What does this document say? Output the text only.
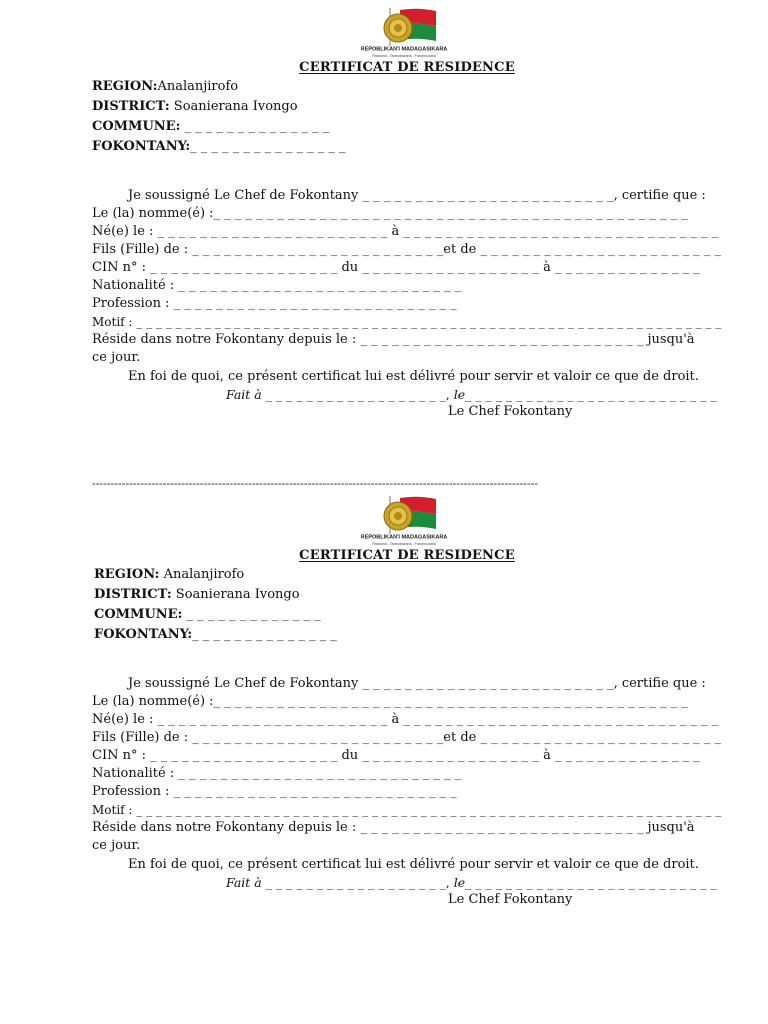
REPOBLIKAN'I MADAGASIKARA
Fitiavana - Tanindrazana - Fandrosoana
CERTIFICAT DE RESIDENCE
REGION:Analanjirofo
DISTRICT: Soanierana Ivongo
COMMUNE: _ _ _ _ _ _ _ _ _ _ _ _ _ _
FOKONTANY:_ _ _ _ _ _ _ _ _ _ _ _ _ _ _
Je soussigné Le Chef de Fokontany _ _ _ _ _ _ _ _ _ _ _ _ _ _ _ _ _ _ _ _ _ _ _ _, certifie que :
Le (la) nomme(é) :_ _ _ _ _ _ _ _ _ _ _ _ _ _ _ _ _ _ _ _ _ _ _ _ _ _ _ _ _ _ _ _ _ _ _ _ _ _ _ _ _ _ _ _ _
Né(e) le : _ _ _ _ _ _ _ _ _ _ _ _ _ _ _ _ _ _ _ _ _ _ à _ _ _ _ _ _ _ _ _ _ _ _ _ _ _ _ _ _ _ _ _ _ _ _ _ _ _ _ _ _
Fils (Fille) de : _ _ _ _ _ _ _ _ _ _ _ _ _ _ _ _ _ _ _ _ _ _ _ _et de _ _ _ _ _ _ _ _ _ _ _ _ _ _ _ _ _ _ _ _ _ _ _
CIN n° : _ _ _ _ _ _ _ _ _ _ _ _ _ _ _ _ _ _ du _ _ _ _ _ _ _ _ _ _ _ _ _ _ _ _ _ à _ _ _ _ _ _ _ _ _ _ _ _ _ _
Nationalité : _ _ _ _ _ _ _ _ _ _ _ _ _ _ _ _ _ _ _ _ _ _ _ _ _ _ _
Profession : _ _ _ _ _ _ _ _ _ _ _ _ _ _ _ _ _ _ _ _ _ _ _ _ _ _ _
Motif : _ _ _ _ _ _ _ _ _ _ _ _ _ _ _ _ _ _ _ _ _ _ _ _ _ _ _ _ _ _ _ _ _ _ _ _ _ _ _ _ _ _ _ _ _ _ _ _ _ _ _ _ _ _ _ _ _ _ _ _
Réside dans notre Fokontany depuis le : _ _ _ _ _ _ _ _ _ _ _ _ _ _ _ _ _ _ _ _ _ _ _ _ _ _ _ jusqu'à
ce jour.
En foi de quoi, ce présent certificat lui est délivré pour servir et valoir ce que de droit.
Fait à _ _ _ _ _ _ _ _ _ _ _ _ _ _ _ _ _ _, le_ _ _ _ _ _ _ _ _ _ _ _ _ _ _ _ _ _ _ _ _ _ _ _ _
Le Chef Fokontany
------------------------------------------------------------------------------------------------------------------------
REPOBLIKAN'I MADAGASIKARA
Fitiavana - Tanindrazana - Fandrosoana
CERTIFICAT DE RESIDENCE
REGION: Analanjirofo
DISTRICT: Soanierana Ivongo
COMMUNE: _ _ _ _ _ _ _ _ _ _ _ _ _
FOKONTANY:_ _ _ _ _ _ _ _ _ _ _ _ _ _
Je soussigné Le Chef de Fokontany _ _ _ _ _ _ _ _ _ _ _ _ _ _ _ _ _ _ _ _ _ _ _ _, certifie que :
Le (la) nomme(é) :_ _ _ _ _ _ _ _ _ _ _ _ _ _ _ _ _ _ _ _ _ _ _ _ _ _ _ _ _ _ _ _ _ _ _ _ _ _ _ _ _ _ _ _ _
Né(e) le : _ _ _ _ _ _ _ _ _ _ _ _ _ _ _ _ _ _ _ _ _ _ à _ _ _ _ _ _ _ _ _ _ _ _ _ _ _ _ _ _ _ _ _ _ _ _ _ _ _ _ _ _
Fils (Fille) de : _ _ _ _ _ _ _ _ _ _ _ _ _ _ _ _ _ _ _ _ _ _ _ _et de _ _ _ _ _ _ _ _ _ _ _ _ _ _ _ _ _ _ _ _ _ _ _
CIN n° : _ _ _ _ _ _ _ _ _ _ _ _ _ _ _ _ _ _ du _ _ _ _ _ _ _ _ _ _ _ _ _ _ _ _ _ à _ _ _ _ _ _ _ _ _ _ _ _ _ _
Nationalité : _ _ _ _ _ _ _ _ _ _ _ _ _ _ _ _ _ _ _ _ _ _ _ _ _ _ _
Profession : _ _ _ _ _ _ _ _ _ _ _ _ _ _ _ _ _ _ _ _ _ _ _ _ _ _ _
Motif : _ _ _ _ _ _ _ _ _ _ _ _ _ _ _ _ _ _ _ _ _ _ _ _ _ _ _ _ _ _ _ _ _ _ _ _ _ _ _ _ _ _ _ _ _ _ _ _ _ _ _ _ _ _ _ _ _ _ _ _
Réside dans notre Fokontany depuis le : _ _ _ _ _ _ _ _ _ _ _ _ _ _ _ _ _ _ _ _ _ _ _ _ _ _ _ jusqu'à
ce jour.
En foi de quoi, ce présent certificat lui est délivré pour servir et valoir ce que de droit.
Fait à _ _ _ _ _ _ _ _ _ _ _ _ _ _ _ _ _ _, le_ _ _ _ _ _ _ _ _ _ _ _ _ _ _ _ _ _ _ _ _ _ _ _ _
Le Chef Fokontany
